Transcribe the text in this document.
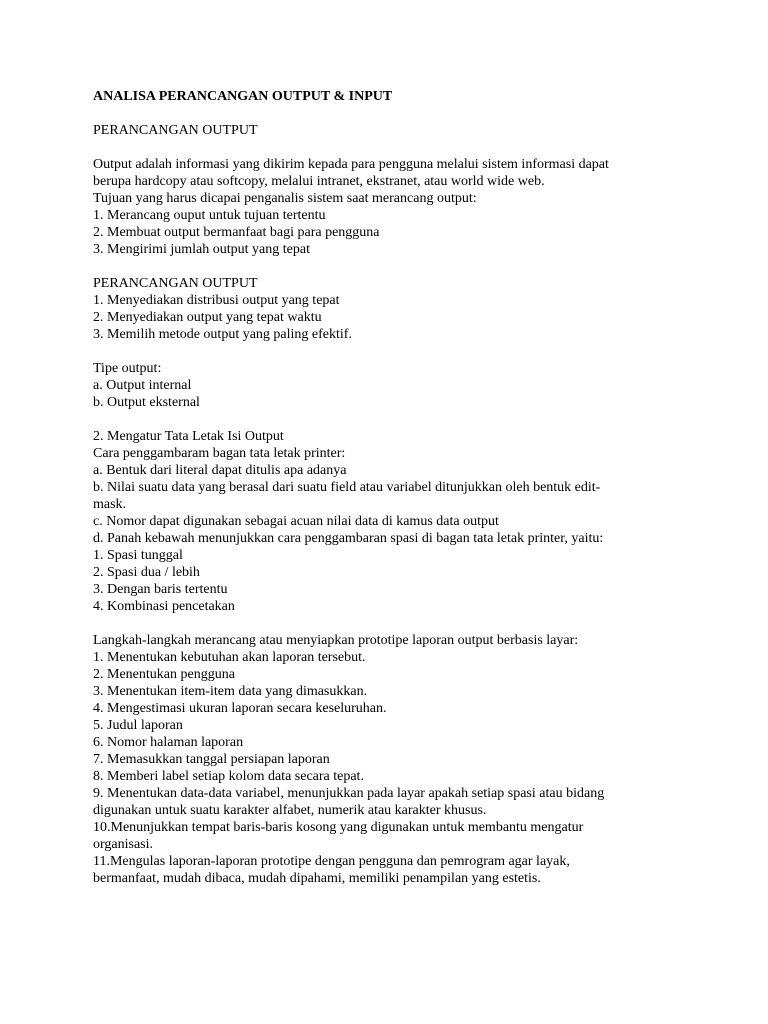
ANALISA PERANCANGAN OUTPUT & INPUT
PERANCANGAN OUTPUT
Output adalah informasi yang dikirim kepada para pengguna melalui sistem informasi dapat
berupa hardcopy atau softcopy, melalui intranet, ekstranet, atau world wide web.
Tujuan yang harus dicapai penganalis sistem saat merancang output:
1. Merancang ouput untuk tujuan tertentu
2. Membuat output bermanfaat bagi para pengguna
3. Mengirimi jumlah output yang tepat
PERANCANGAN OUTPUT
1. Menyediakan distribusi output yang tepat
2. Menyediakan output yang tepat waktu
3. Memilih metode output yang paling efektif.
Tipe output:
a. Output internal
b. Output eksternal
2. Mengatur Tata Letak Isi Output
Cara penggambaram bagan tata letak printer:
a. Bentuk dari literal dapat ditulis apa adanya
b. Nilai suatu data yang berasal dari suatu field atau variabel ditunjukkan oleh bentuk edit-
mask.
c. Nomor dapat digunakan sebagai acuan nilai data di kamus data output
d. Panah kebawah menunjukkan cara penggambaran spasi di bagan tata letak printer, yaitu:
1. Spasi tunggal
2. Spasi dua / lebih
3. Dengan baris tertentu
4. Kombinasi pencetakan
Langkah-langkah merancang atau menyiapkan prototipe laporan output berbasis layar:
1. Menentukan kebutuhan akan laporan tersebut.
2. Menentukan pengguna
3. Menentukan item-item data yang dimasukkan.
4. Mengestimasi ukuran laporan secara keseluruhan.
5. Judul laporan
6. Nomor halaman laporan
7. Memasukkan tanggal persiapan laporan
8. Memberi label setiap kolom data secara tepat.
9. Menentukan data-data variabel, menunjukkan pada layar apakah setiap spasi atau bidang
digunakan untuk suatu karakter alfabet, numerik atau karakter khusus.
10.Menunjukkan tempat baris-baris kosong yang digunakan untuk membantu mengatur
organisasi.
11.Mengulas laporan-laporan prototipe dengan pengguna dan pemrogram agar layak,
bermanfaat, mudah dibaca, mudah dipahami, memiliki penampilan yang estetis.
